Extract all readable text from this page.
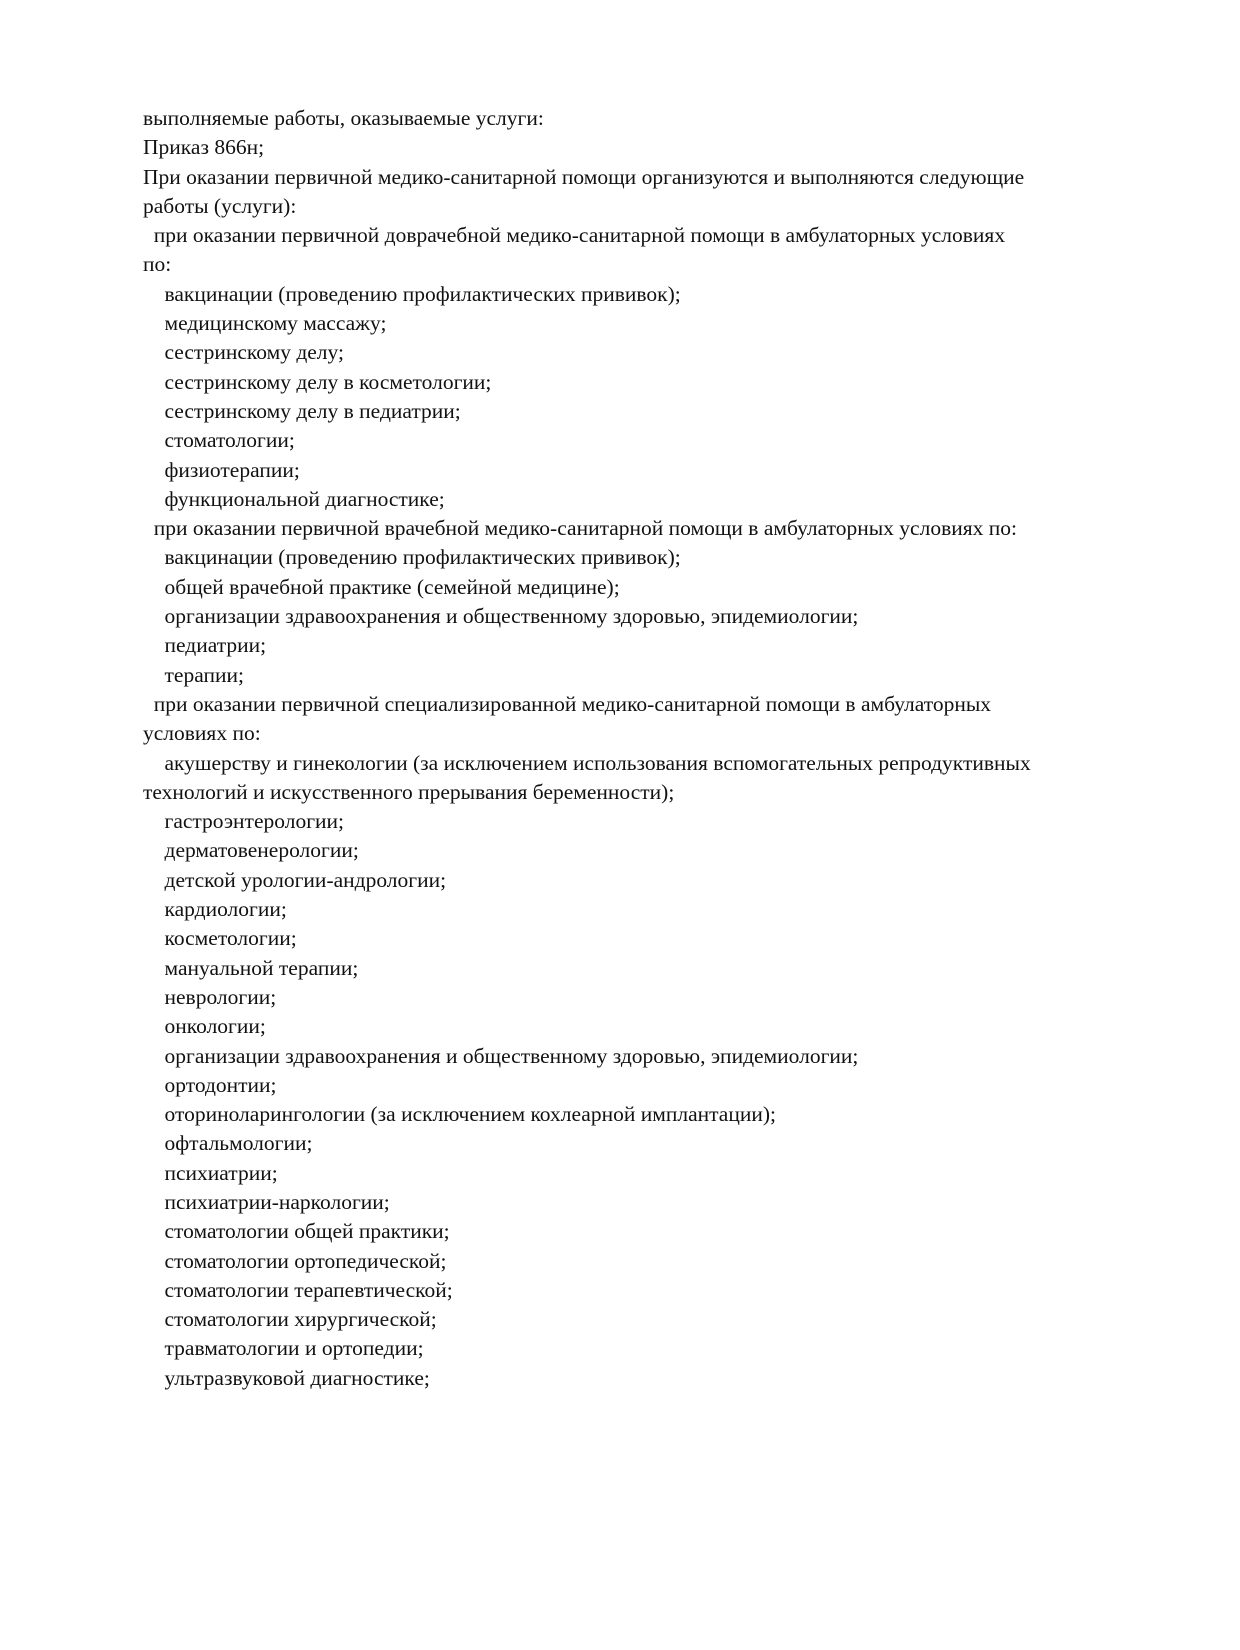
выполняемые работы, оказываемые услуги:
Приказ 866н;
При оказании первичной медико-санитарной помощи организуются и выполняются следующие
работы (услуги):
при оказании первичной доврачебной медико-санитарной помощи в амбулаторных условиях
по:
вакцинации (проведению профилактических прививок);
медицинскому массажу;
сестринскому делу;
сестринскому делу в косметологии;
сестринскому делу в педиатрии;
стоматологии;
физиотерапии;
функциональной диагностике;
при оказании первичной врачебной медико-санитарной помощи в амбулаторных условиях по:
вакцинации (проведению профилактических прививок);
общей врачебной практике (семейной медицине);
организации здравоохранения и общественному здоровью, эпидемиологии;
педиатрии;
терапии;
при оказании первичной специализированной медико-санитарной помощи в амбулаторных
условиях по:
акушерству и гинекологии (за исключением использования вспомогательных репродуктивных
технологий и искусственного прерывания беременности);
гастроэнтерологии;
дерматовенерологии;
детской урологии-андрологии;
кардиологии;
косметологии;
мануальной терапии;
неврологии;
онкологии;
организации здравоохранения и общественному здоровью, эпидемиологии;
ортодонтии;
оториноларингологии (за исключением кохлеарной имплантации);
офтальмологии;
психиатрии;
психиатрии-наркологии;
стоматологии общей практики;
стоматологии ортопедической;
стоматологии терапевтической;
стоматологии хирургической;
травматологии и ортопедии;
ультразвуковой диагностике;
